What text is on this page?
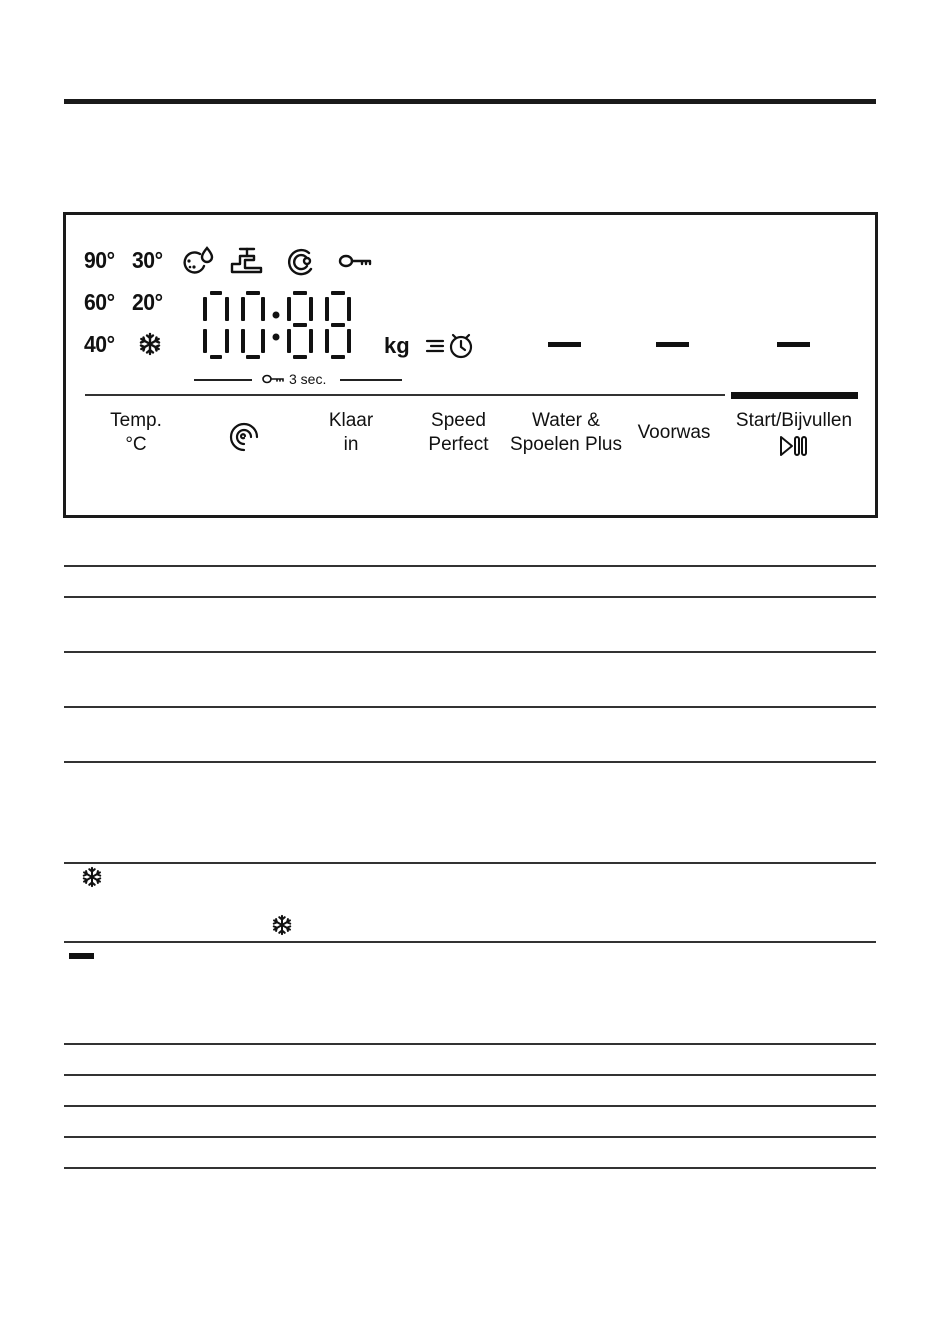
90° 30°
60° 20°
40°	kg
3 sec.
Temp.
°C
Klaar
in
Speed
Perfect
Water &
Spoelen Plus
Voorwas
Start/Bijvullen
